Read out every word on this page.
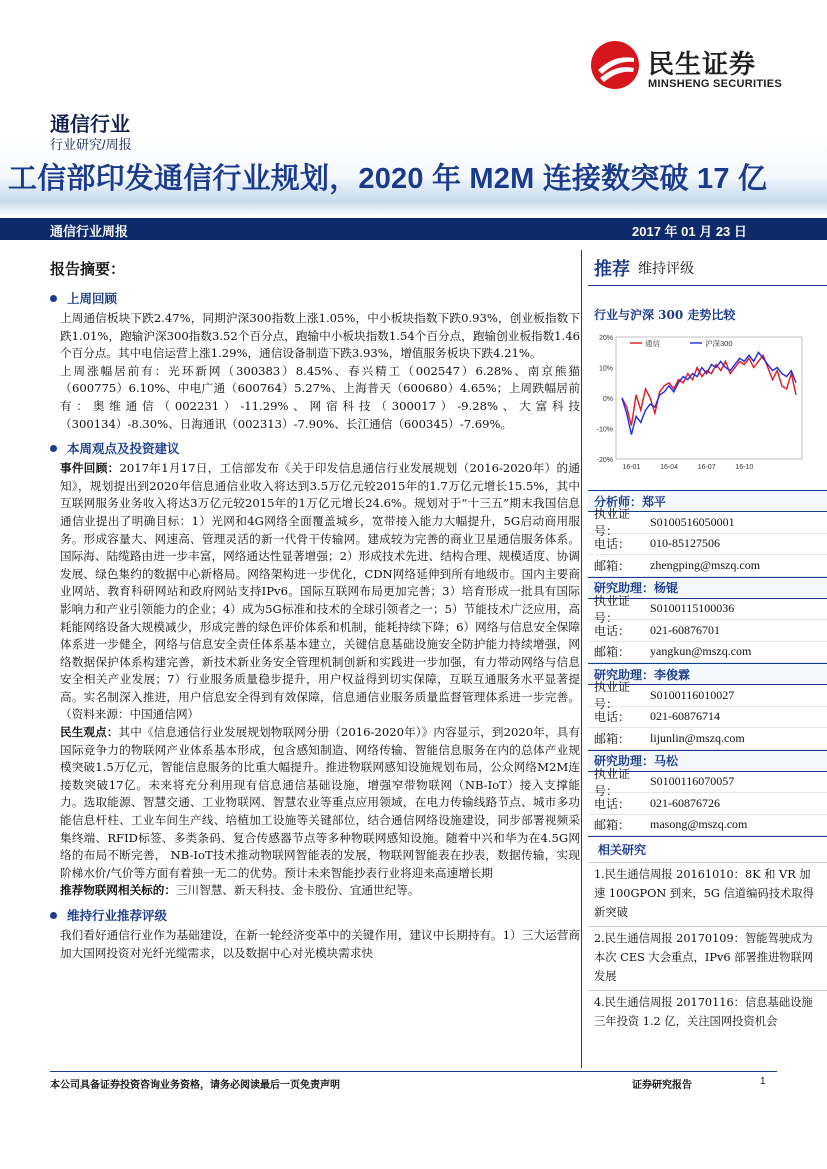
民生证券
MINSHENG SECURITIES
通信行业
行业研究/周报
工信部印发通信行业规划，2020 年 M2M 连接数突破 17 亿
通信行业周报	2017 年 01 月 23 日
报告摘要：
上周回顾

上周通信板块下跌2.47%，同期沪深300指数上涨1.05%，中小板块指数下跌0.93%，创业板指数下跌1.01%，跑输沪深300指数3.52个百分点，跑输中小板块指数1.54个百分点，跑输创业板指数1.46个百分点。其中电信运营上涨1.29%，通信设备制造下跌3.93%，增值服务板块下跌4.21%。

上周涨幅居前有：光环新网（300383）8.45%、春兴精工（002547）6.28%、南京熊猫（600775）6.10%、中电广通（600764）5.27%、上海普天（600680）4.65%；上周跌幅居前有：奥维通信（002231）-11.29%、网宿科技（300017）-9.28%、大富科技（300134）-8.30%、日海通讯（002313）-7.90%、长江通信（600345）-7.69%。

本周观点及投资建议

事件回顾：2017年1月17日，工信部发布《关于印发信息通信行业发展规划（2016-2020年）的通知》，规划提出到2020年信息通信业收入将达到3.5万亿元较2015年的1.7万亿元增长15.5%，其中互联网服务业务收入将达3万亿元较2015年的1万亿元增长24.6%。规划对于“十三五”期末我国信息通信业提出了明确目标：1）光网和4G网络全面覆盖城乡，宽带接入能力大幅提升，5G启动商用服务。形成容量大、网速高、管理灵活的新一代骨干传输网。建成较为完善的商业卫星通信服务体系。国际海、陆缆路由进一步丰富，网络通达性显著增强；2）形成技术先进、结构合理、规模适度、协调发展、绿色集约的数据中心新格局。网络架构进一步优化，CDN网络延伸到所有地级市。国内主要商业网站、教育科研网站和政府网站支持IPv6。国际互联网布局更加完善；3）培育形成一批具有国际影响力和产业引领能力的企业；4）成为5G标准和技术的全球引领者之一；5）节能技术广泛应用，高耗能网络设备大规模减少，形成完善的绿色评价体系和机制，能耗持续下降；6）网络与信息安全保障体系进一步健全，网络与信息安全责任体系基本建立，关键信息基础设施安全防护能力持续增强，网络数据保护体系构建完善，新技术新业务安全管理机制创新和实践进一步加强，有力带动网络与信息安全相关产业发展；7）行业服务质量稳步提升，用户权益得到切实保障，互联互通服务水平显著提高。实名制深入推进，用户信息安全得到有效保障，信息通信业服务质量监督管理体系进一步完善。（资料来源：中国通信网）

民生观点：其中《信息通信行业发展规划物联网分册（2016-2020年）》内容显示，到2020年，具有国际竞争力的物联网产业体系基本形成，包含感知制造、网络传输、智能信息服务在内的总体产业规模突破1.5万亿元，智能信息服务的比重大幅提升。推进物联网感知设施规划布局，公众网络M2M连接数突破17亿。未来将充分利用现有信息通信基础设施，增强窄带物联网（NB-IoT）接入支撑能力。选取能源、智慧交通、工业物联网、智慧农业等重点应用领域，在电力传输线路节点、城市多功能信息杆柱、工业车间生产线、培植加工设施等关键部位，结合通信网络设施建设，同步部署视频采集终端、RFID标签、多类条码、复合传感器节点等多种物联网感知设施。随着中兴和华为在4.5G网络的布局不断完善， NB-IoT技术推动物联网智能表的发展，物联网智能表在抄表，数据传输，实现阶梯水价/气价等方面有着独一无二的优势。预计未来智能抄表行业将迎来高速增长期

推荐物联网相关标的：三川智慧、新天科技、金卡股份、宜通世纪等。

维持行业推荐评级

我们看好通信行业作为基础建设，在新一轮经济变革中的关键作用，建议中长期持有。1）三大运营商加大国网投资对光纤光缆需求，以及数据中心对光模块需求快

推荐 维持评级
行业与沪深 300 走势比较
20%
10%
0%
-10%
-20%
16-01	16-04	16-07	16-10
通信	沪深300
分析师： 郑平
执业证号：
S0100516050001
电话：	010-85127506
邮箱：	zhengping@mszq.com
研究助理： 杨锟
执业证号：
S0100115100036
电话：	021-60876701
邮箱：	yangkun@mszq.com
研究助理： 李俊霖
执业证号：
S0100116010027
电话：	021-60876714
邮箱：	lijunlin@mszq.com
研究助理： 马松
执业证号：
S0100116070057
电话：	021-60876726
邮箱：	masong@mszq.com
相关研究
1.民生通信周报 20161010：8K 和 VR 加速 100GPON 到来，5G 信道编码技术取得新突破
2.民生通信周报 20170109：智能驾驶成为本次 CES 大会重点，IPv6 部署推进物联网发展
4.民生通信周报 20170116：信息基础设施三年投资 1.2 亿，关注国网投资机会
本公司具备证券投资咨询业务资格，请务必阅读最后一页免责声明	证券研究报告	1
